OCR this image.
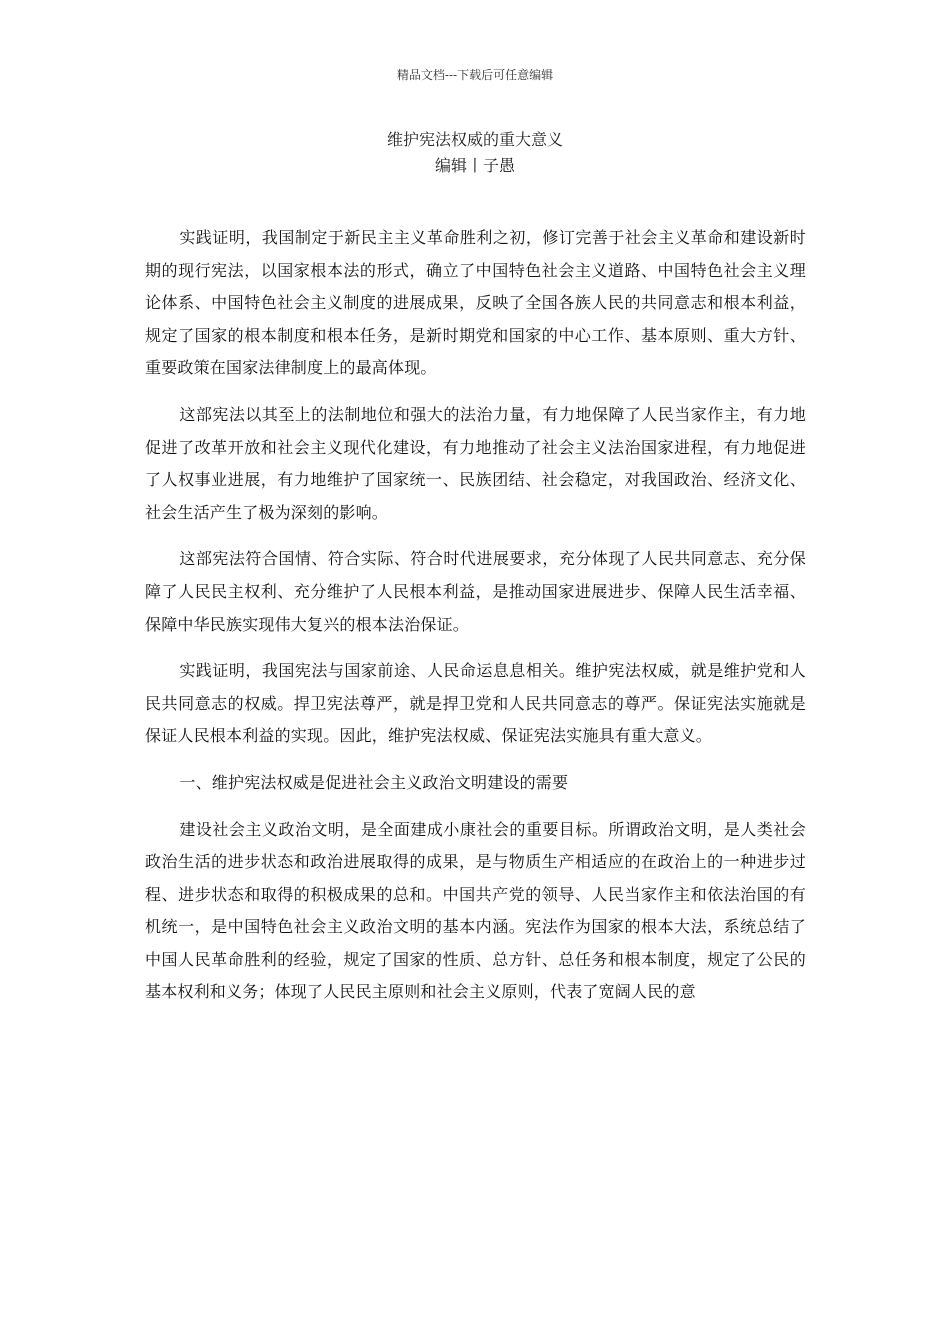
精品文档---下载后可任意编辑
维护宪法权威的重大意义
编辑丨子愚

实践证明，我国制定于新民主主义革命胜利之初，修订完善于社会主义革命和建设新时期的现行宪法，以国家根本法的形式，确立了中国特色社会主义道路、中国特色社会主义理论体系、中国特色社会主义制度的进展成果，反映了全国各族人民的共同意志和根本利益，规定了国家的根本制度和根本任务，是新时期党和国家的中心工作、基本原则、重大方针、重要政策在国家法律制度上的最高体现。

这部宪法以其至上的法制地位和强大的法治力量，有力地保障了人民当家作主，有力地促进了改革开放和社会主义现代化建设，有力地推动了社会主义法治国家进程，有力地促进了人权事业进展，有力地维护了国家统一、民族团结、社会稳定，对我国政治、经济文化、社会生活产生了极为深刻的影响。

这部宪法符合国情、符合实际、符合时代进展要求，充分体现了人民共同意志、充分保障了人民民主权利、充分维护了人民根本利益，是推动国家进展进步、保障人民生活幸福、保障中华民族实现伟大复兴的根本法治保证。

实践证明，我国宪法与国家前途、人民命运息息相关。维护宪法权威，就是维护党和人民共同意志的权威。捍卫宪法尊严，就是捍卫党和人民共同意志的尊严。保证宪法实施就是保证人民根本利益的实现。因此，维护宪法权威、保证宪法实施具有重大意义。

一、维护宪法权威是促进社会主义政治文明建设的需要

建设社会主义政治文明，是全面建成小康社会的重要目标。所谓政治文明，是人类社会政治生活的进步状态和政治进展取得的成果，是与物质生产相适应的在政治上的一种进步过程、进步状态和取得的积极成果的总和。中国共产党的领导、人民当家作主和依法治国的有机统一，是中国特色社会主义政治文明的基本内涵。宪法作为国家的根本大法，系统总结了中国人民革命胜利的经验，规定了国家的性质、总方针、总任务和根本制度，规定了公民的基本权利和义务；体现了人民民主原则和社会主义原则，代表了宽阔人民的意
